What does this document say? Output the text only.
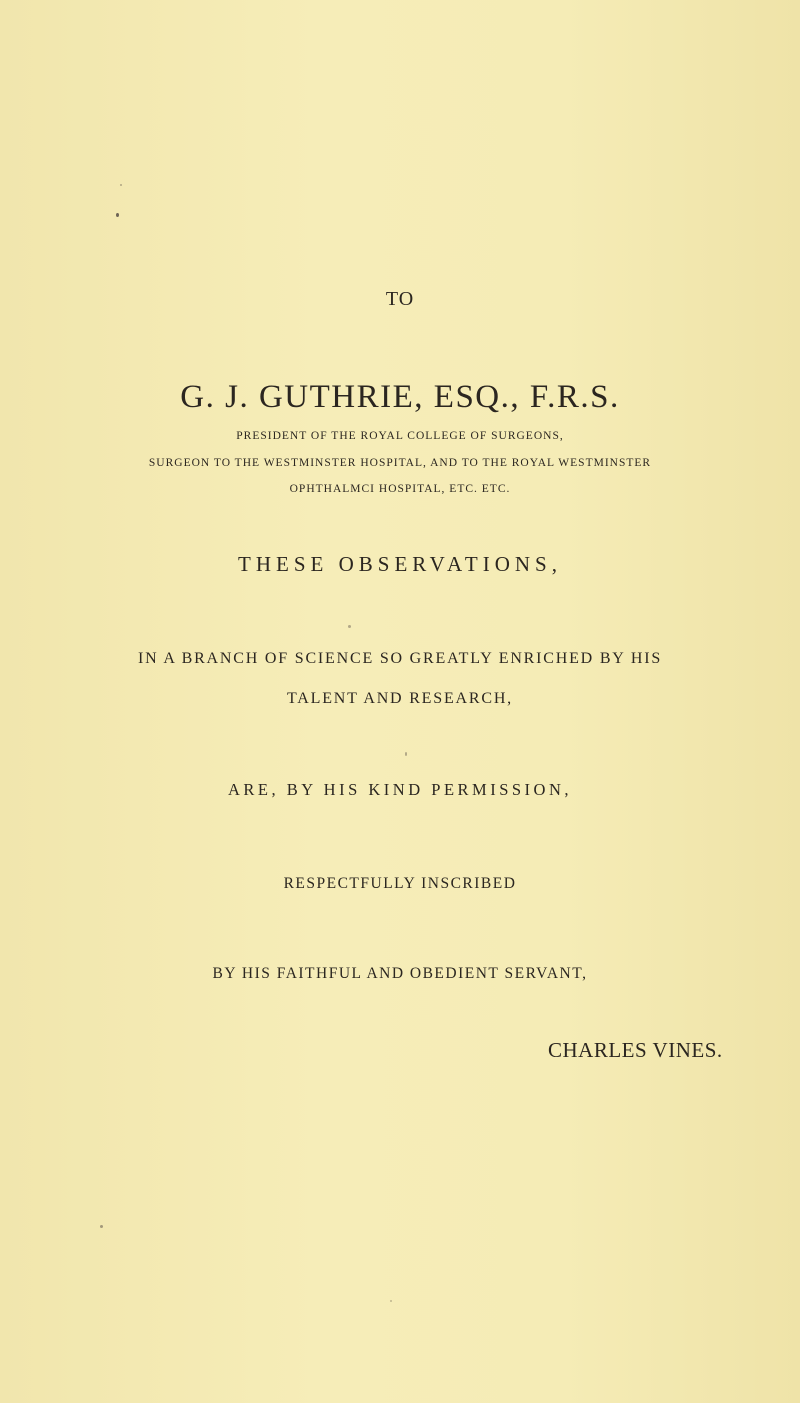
TO
G. J. GUTHRIE, ESQ., F.R.S.
PRESIDENT OF THE ROYAL COLLEGE OF SURGEONS,
SURGEON TO THE WESTMINSTER HOSPITAL, AND TO THE ROYAL WESTMINSTER
OPHTHALMCI HOSPITAL, ETC. ETC.
THESE OBSERVATIONS,
IN A BRANCH OF SCIENCE SO GREATLY ENRICHED BY HIS
TALENT AND RESEARCH,
ARE, BY HIS KIND PERMISSION,
RESPECTFULLY INSCRIBED
BY HIS FAITHFUL AND OBEDIENT SERVANT,
CHARLES VINES.
